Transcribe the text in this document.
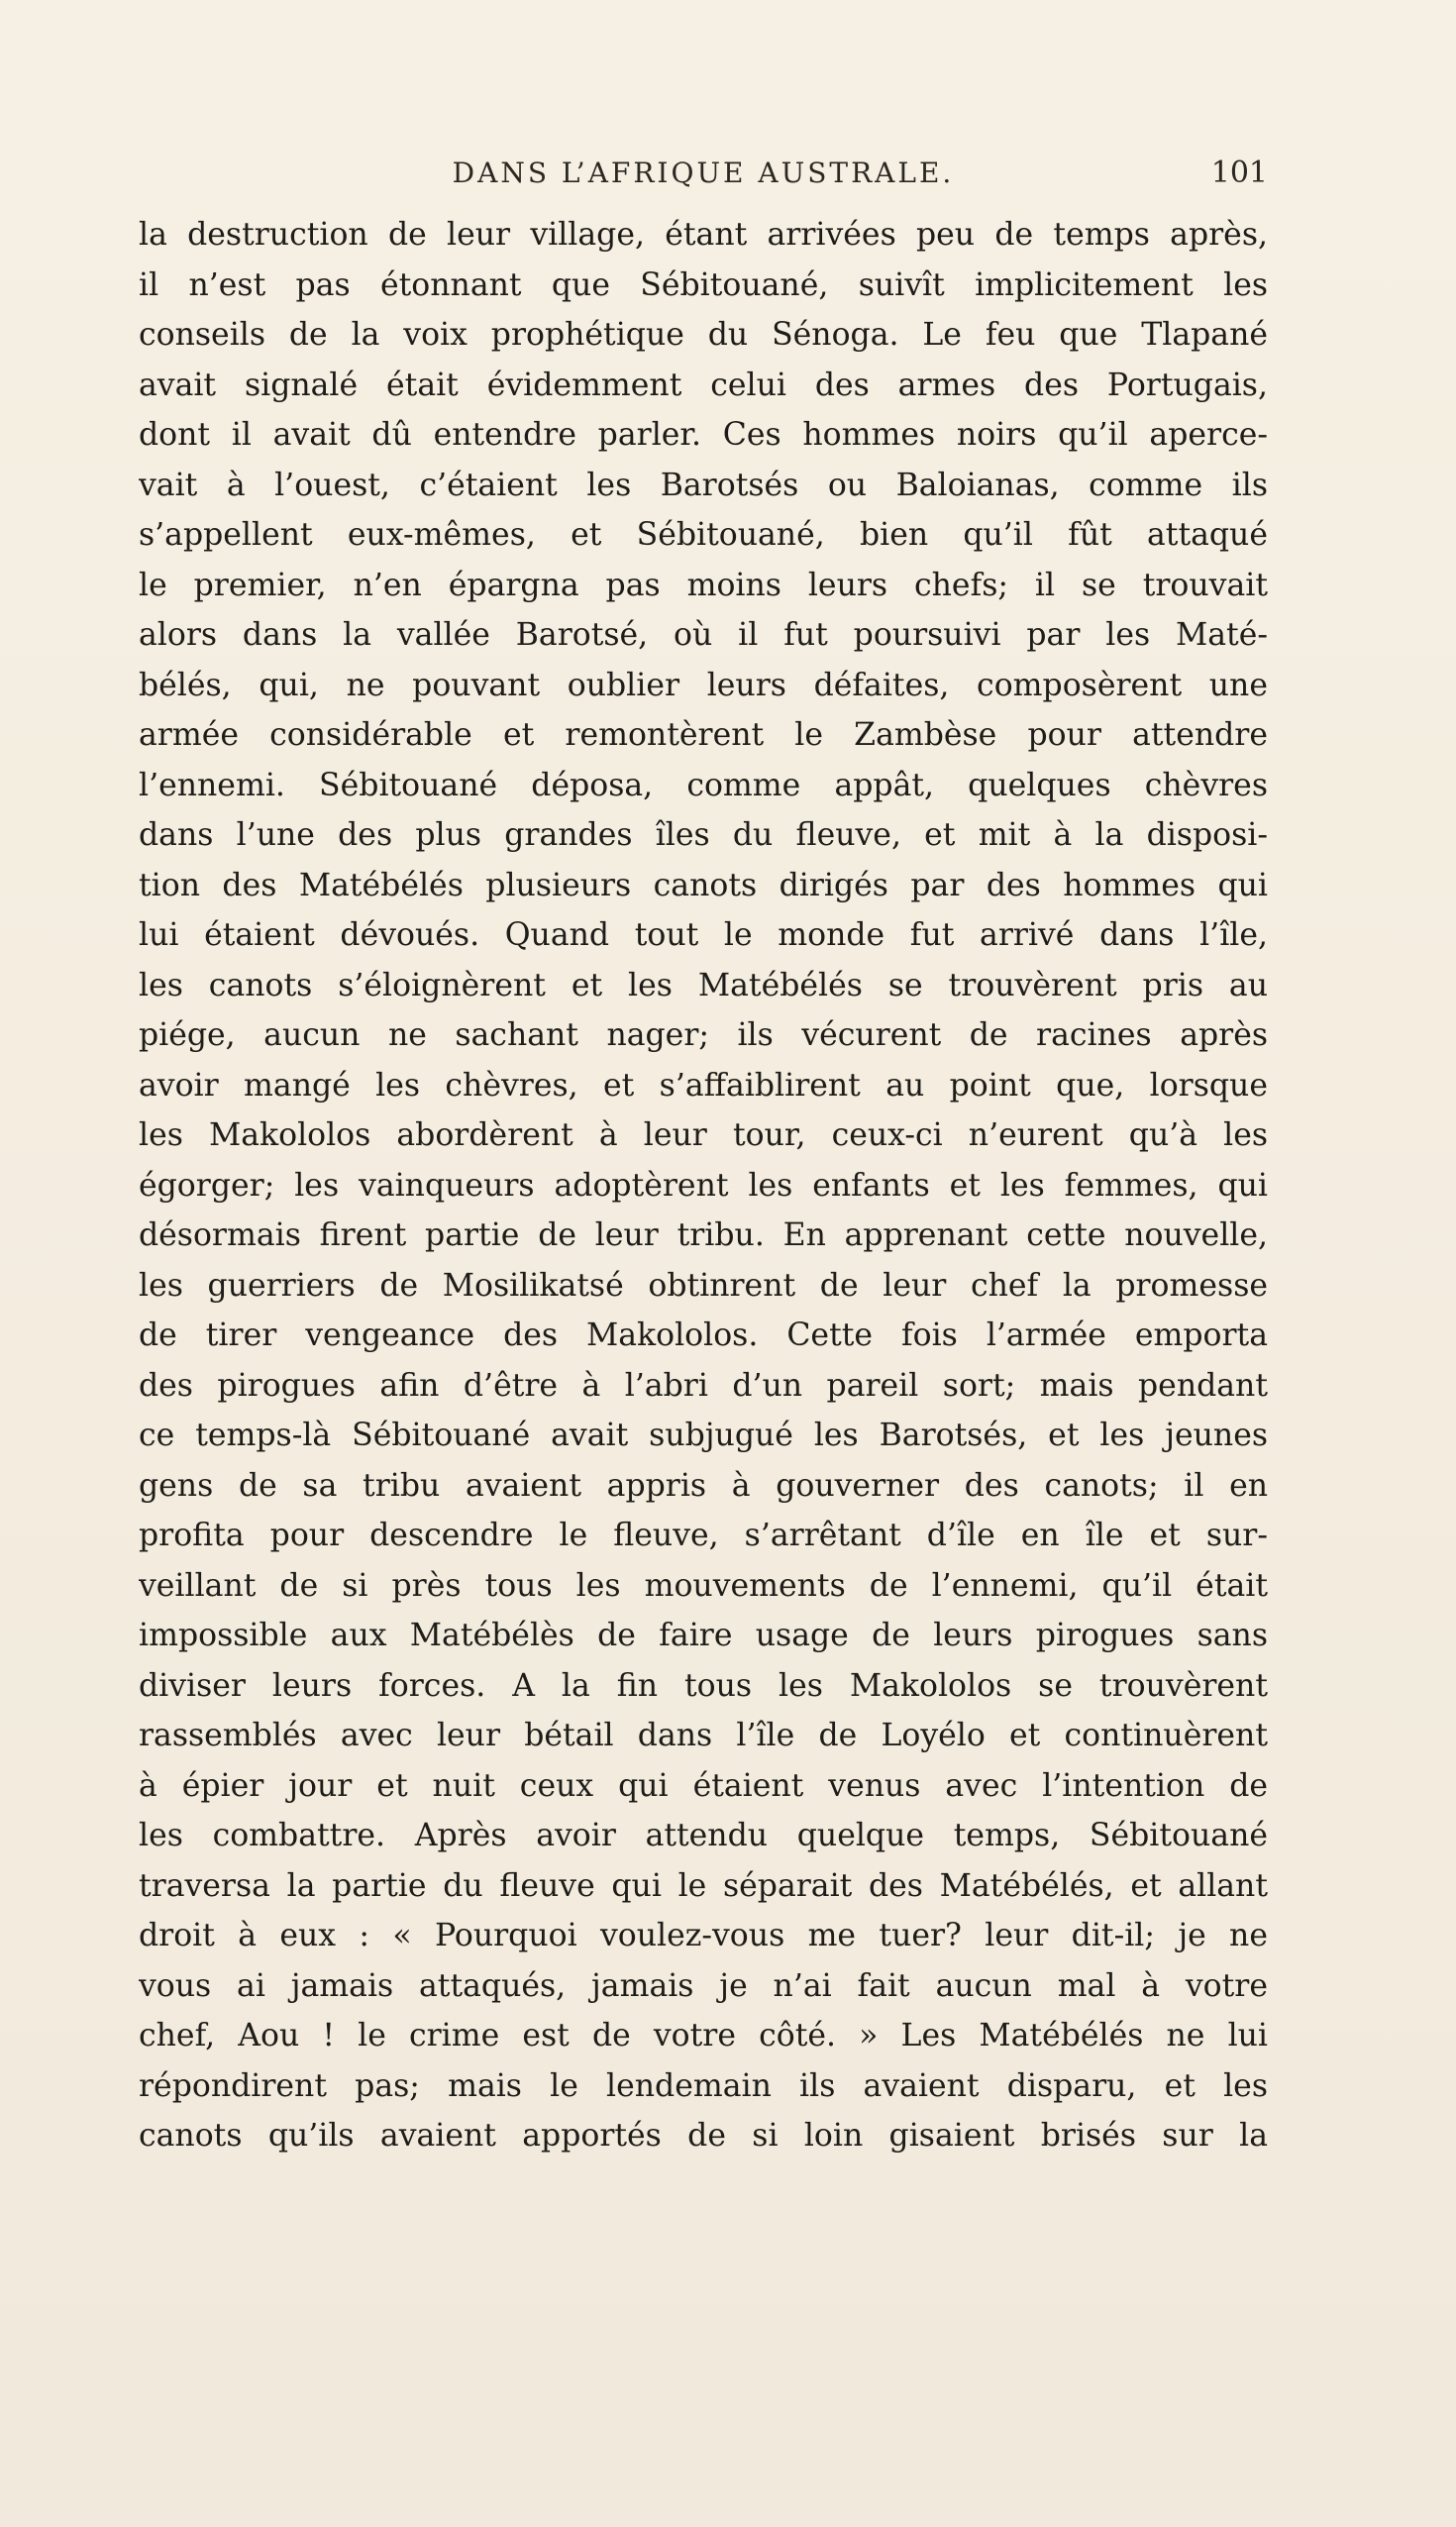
DANS L’AFRIQUE AUSTRALE.	101
la destruction de leur village, étant arrivées peu de temps après,
il n’est pas étonnant que Sébitouané, suivît implicitement les
conseils de la voix prophétique du Sénoga. Le feu que Tlapané
avait signalé était évidemment celui des armes des Portugais,
dont il avait dû entendre parler. Ces hommes noirs qu’il aperce-
vait à l’ouest, c’étaient les Barotsés ou Baloianas, comme ils
s’appellent eux-mêmes, et Sébitouané, bien qu’il fût attaqué
le premier, n’en épargna pas moins leurs chefs; il se trouvait
alors dans la vallée Barotsé, où il fut poursuivi par les Maté-
bélés, qui, ne pouvant oublier leurs défaites, composèrent une
armée considérable et remontèrent le Zambèse pour attendre
l’ennemi. Sébitouané déposa, comme appât, quelques chèvres
dans l’une des plus grandes îles du fleuve, et mit à la disposi-
tion des Matébélés plusieurs canots dirigés par des hommes qui
lui étaient dévoués. Quand tout le monde fut arrivé dans l’île,
les canots s’éloignèrent et les Matébélés se trouvèrent pris au
piége, aucun ne sachant nager; ils vécurent de racines après
avoir mangé les chèvres, et s’affaiblirent au point que, lorsque
les Makololos abordèrent à leur tour, ceux-ci n’eurent qu’à les
égorger; les vainqueurs adoptèrent les enfants et les femmes, qui
désormais firent partie de leur tribu. En apprenant cette nouvelle,
les guerriers de Mosilikatsé obtinrent de leur chef la promesse
de tirer vengeance des Makololos. Cette fois l’armée emporta
des pirogues afin d’être à l’abri d’un pareil sort; mais pendant
ce temps-là Sébitouané avait subjugué les Barotsés, et les jeunes
gens de sa tribu avaient appris à gouverner des canots; il en
profita pour descendre le fleuve, s’arrêtant d’île en île et sur-
veillant de si près tous les mouvements de l’ennemi, qu’il était
impossible aux Matébélès de faire usage de leurs pirogues sans
diviser leurs forces. A la fin tous les Makololos se trouvèrent
rassemblés avec leur bétail dans l’île de Loyélo et continuèrent
à épier jour et nuit ceux qui étaient venus avec l’intention de
les combattre. Après avoir attendu quelque temps, Sébitouané
traversa la partie du fleuve qui le séparait des Matébélés, et allant
droit à eux : « Pourquoi voulez-vous me tuer? leur dit-il; je ne
vous ai jamais attaqués, jamais je n’ai fait aucun mal à votre
chef, Aou ! le crime est de votre côté. » Les Matébélés ne lui
répondirent pas; mais le lendemain ils avaient disparu, et les
canots qu’ils avaient apportés de si loin gisaient brisés sur la
